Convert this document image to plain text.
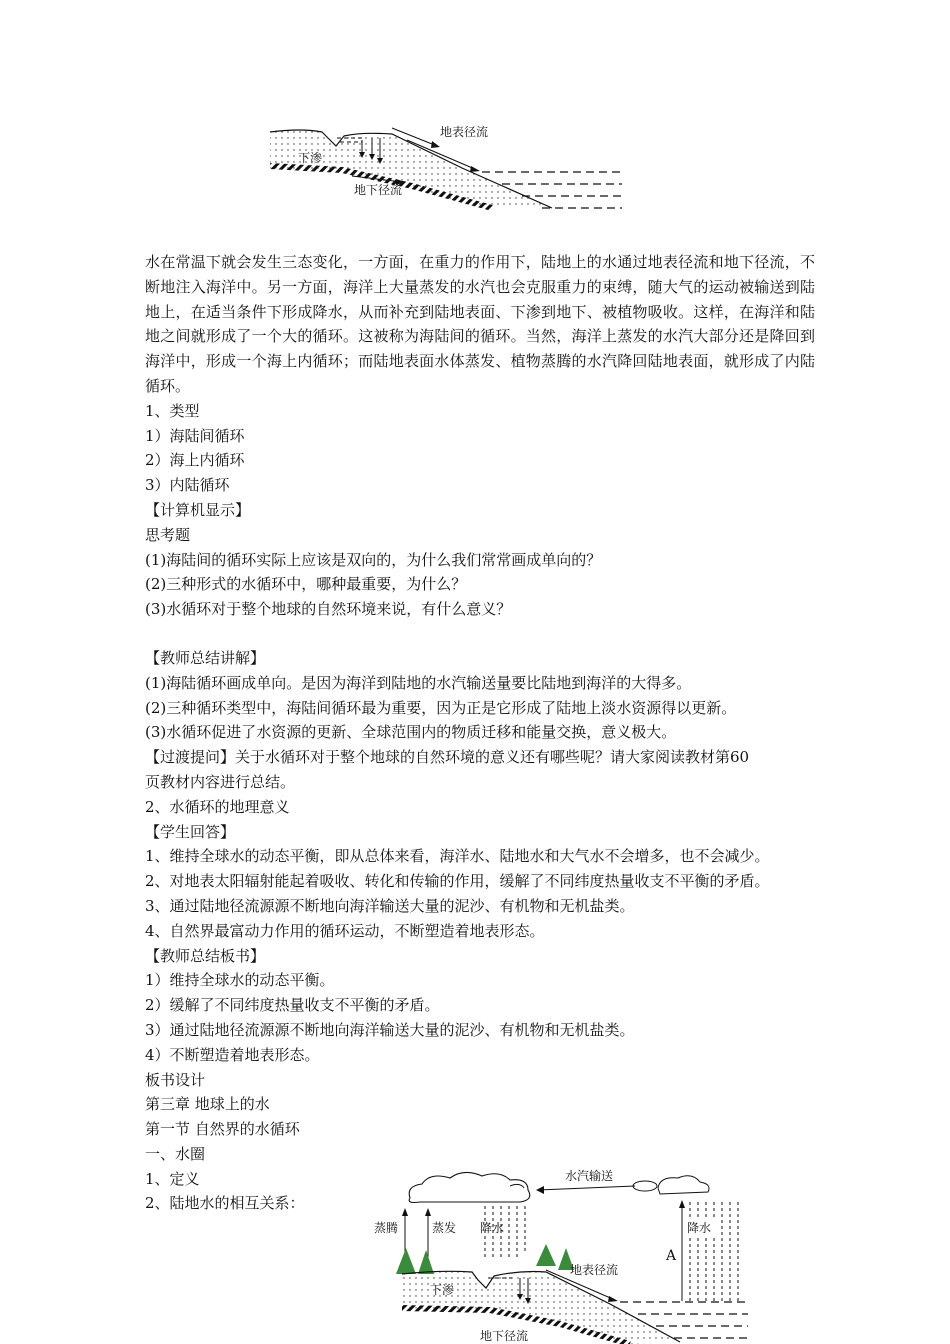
地表径流
下渗
地下径流

水在常温下就会发生三态变化，一方面，在重力的作用下，陆地上的水通过地表径流和地下径流，不断地注入海洋中。另一方面，海洋上大量蒸发的水汽也会克服重力的束缚，随大气的运动被输送到陆地上，在适当条件下形成降水，从而补充到陆地表面、下渗到地下、被植物吸收。这样，在海洋和陆地之间就形成了一个大的循环。这被称为海陆间的循环。当然，海洋上蒸发的水汽大部分还是降回到海洋中，形成一个海上内循环；而陆地表面水体蒸发、植物蒸腾的水汽降回陆地表面，就形成了内陆循环。

1、类型

1）海陆间循环

2）海上内循环

3）内陆循环

【计算机显示】

思考题

(1)海陆间的循环实际上应该是双向的，为什么我们常常画成单向的？

(2)三种形式的水循环中，哪种最重要，为什么？

(3)水循环对于整个地球的自然环境来说，有什么意义？

【教师总结讲解】

(1)海陆循环画成单向。是因为海洋到陆地的水汽输送量要比陆地到海洋的大得多。

(2)三种循环类型中，海陆间循环最为重要，因为正是它形成了陆地上淡水资源得以更新。

(3)水循环促进了水资源的更新、全球范围内的物质迁移和能量交换，意义极大。

【过渡提问】关于水循环对于整个地球的自然环境的意义还有哪些呢？请大家阅读教材第60

页教材内容进行总结。

2、水循环的地理意义

【学生回答】

1、维持全球水的动态平衡，即从总体来看，海洋水、陆地水和大气水不会增多，也不会减少。

2、对地表太阳辐射能起着吸收、转化和传输的作用，缓解了不同纬度热量收支不平衡的矛盾。

3、通过陆地径流源源不断地向海洋输送大量的泥沙、有机物和无机盐类。

4、自然界最富动力作用的循环运动，不断塑造着地表形态。

【教师总结板书】

1）维持全球水的动态平衡。

2）缓解了不同纬度热量收支不平衡的矛盾。

3）通过陆地径流源源不断地向海洋输送大量的泥沙、有机物和无机盐类。

4）不断塑造着地表形态。

板书设计

第三章 地球上的水

第一节 自然界的水循环

一、水圈

1、定义

2、陆地水的相互关系：

水汽输送
蒸腾	蒸发 降水	降水
A
地表径流
下渗
地下径流
